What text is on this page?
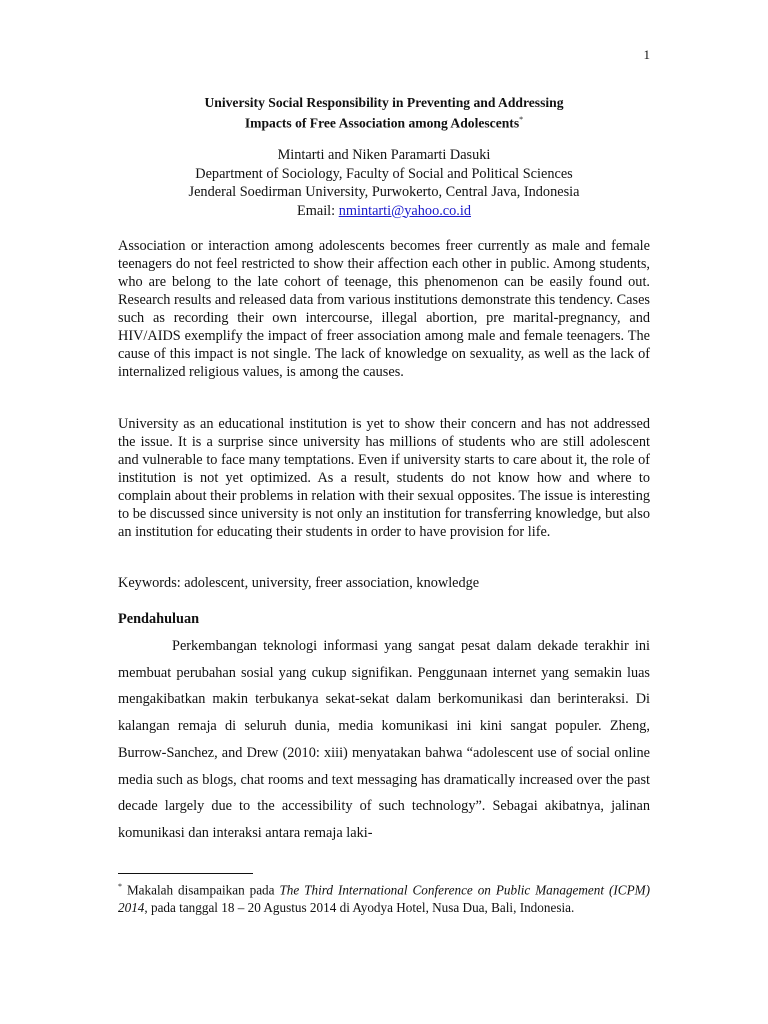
1
University Social Responsibility in Preventing and Addressing
Impacts of Free Association among Adolescents*
Mintarti and Niken Paramarti Dasuki
Department of Sociology, Faculty of Social and Political Sciences
Jenderal Soedirman University, Purwokerto, Central Java, Indonesia
Email: nmintarti@yahoo.co.id

Association or interaction among adolescents becomes freer currently as male and female teenagers do not feel restricted to show their affection each other in public. Among students, who are belong to the late cohort of teenage, this phenomenon can be easily found out. Research results and released data from various institutions demonstrate this tendency. Cases such as recording their own intercourse, illegal abortion, pre marital-pregnancy, and HIV/AIDS exemplify the impact of freer association among male and female teenagers. The cause of this impact is not single. The lack of knowledge on sexuality, as well as the lack of internalized religious values, is among the causes.

University as an educational institution is yet to show their concern and has not addressed the issue. It is a surprise since university has millions of students who are still adolescent and vulnerable to face many temptations. Even if university starts to care about it, the role of institution is not yet optimized. As a result, students do not know how and where to complain about their problems in relation with their sexual opposites. The issue is interesting to be discussed since university is not only an institution for transferring knowledge, but also an institution for educating their students in order to have provision for life.

Keywords: adolescent, university, freer association, knowledge

Pendahuluan

Perkembangan teknologi informasi yang sangat pesat dalam dekade terakhir ini membuat perubahan sosial yang cukup signifikan. Penggunaan internet yang semakin luas mengakibatkan makin terbukanya sekat-sekat dalam berkomunikasi dan berinteraksi. Di kalangan remaja di seluruh dunia, media komunikasi ini kini sangat populer. Zheng, Burrow-Sanchez, and Drew (2010: xiii) menyatakan bahwa “adolescent use of social online media such as blogs, chat rooms and text messaging has dramatically increased over the past decade largely due to the accessibility of such technology”. Sebagai akibatnya, jalinan komunikasi dan interaksi antara remaja laki-

* Makalah disampaikan pada The Third International Conference on Public Management (ICPM) 2014, pada tanggal 18 – 20 Agustus 2014 di Ayodya Hotel, Nusa Dua, Bali, Indonesia.
